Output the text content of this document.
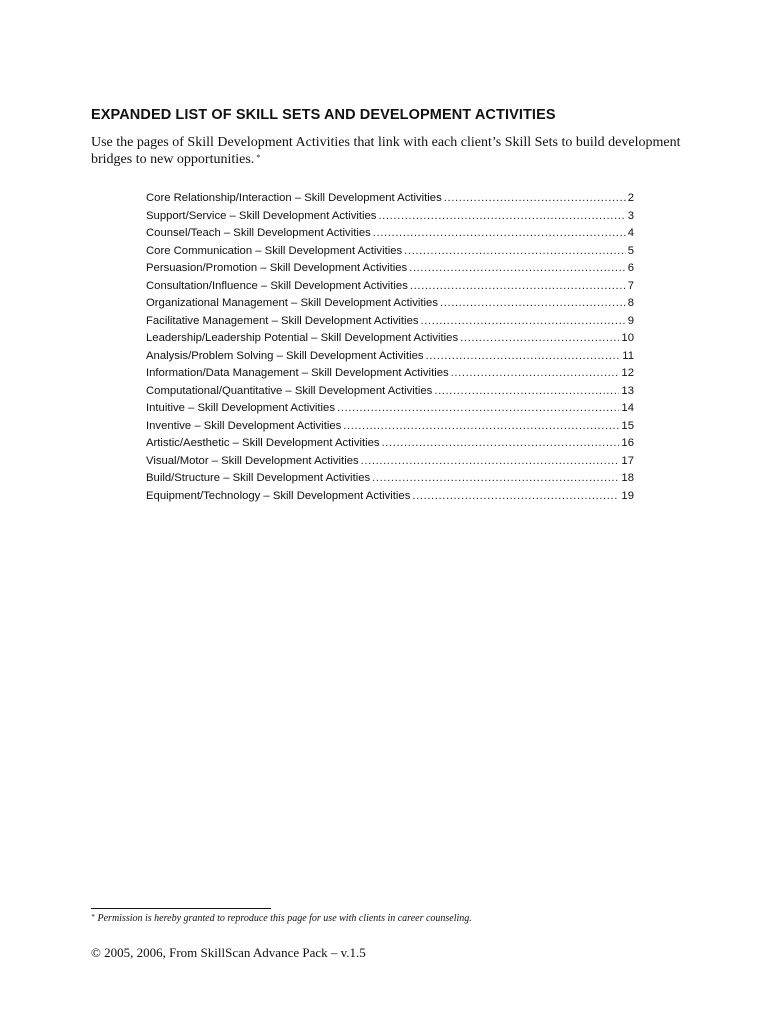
EXPANDED LIST OF SKILL SETS AND DEVELOPMENT ACTIVITIES
Use the pages of Skill Development Activities that link with each client’s Skill Sets to build development bridges to new opportunities. *
Core Relationship/Interaction – Skill Development Activities .....	2
Support/Service – Skill Development Activities .....	3
Counsel/Teach – Skill Development Activities .....	4
Core Communication – Skill Development Activities .....	5
Persuasion/Promotion – Skill Development Activities .....	6
Consultation/Influence – Skill Development Activities .....	7
Organizational Management – Skill Development Activities .....	8
Facilitative Management – Skill Development Activities .....	9
Leadership/Leadership Potential – Skill Development Activities .....	10
Analysis/Problem Solving – Skill Development Activities .....	11
Information/Data Management – Skill Development Activities .....	12
Computational/Quantitative – Skill Development Activities .....	13
Intuitive – Skill Development Activities .....	14
Inventive – Skill Development Activities .....	15
Artistic/Aesthetic – Skill Development Activities .....	16
Visual/Motor – Skill Development Activities .....	17
Build/Structure – Skill Development Activities .....	18
Equipment/Technology – Skill Development Activities .....	19
* Permission is hereby granted to reproduce this page for use with clients in career counseling.
© 2005, 2006, From SkillScan Advance Pack – v.1.5
